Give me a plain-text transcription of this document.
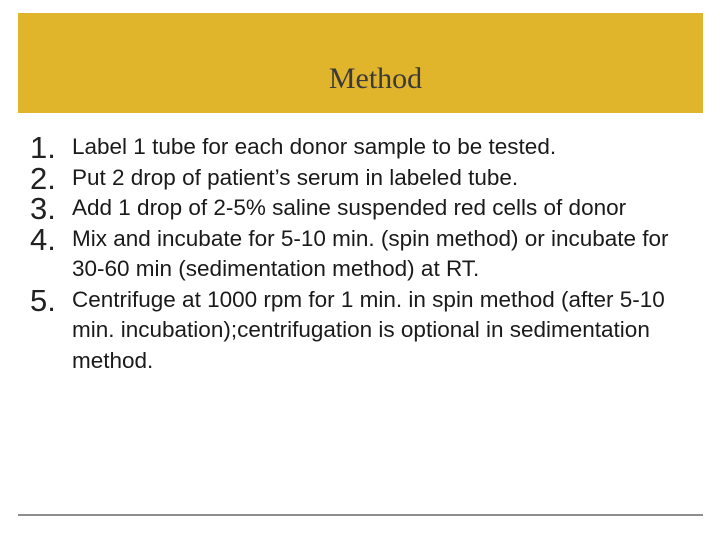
Method
1. Label 1 tube for each donor sample to be tested.
2. Put 2 drop of patient’s serum in labeled tube.
3. Add 1 drop of 2-5% saline suspended red cells of donor
4. Mix and incubate for 5-10 min. (spin method) or incubate for 30-60 min (sedimentation method) at RT.
5. Centrifuge at 1000 rpm for 1 min. in spin method (after 5-10 min. incubation);centrifugation is optional in sedimentation method.
